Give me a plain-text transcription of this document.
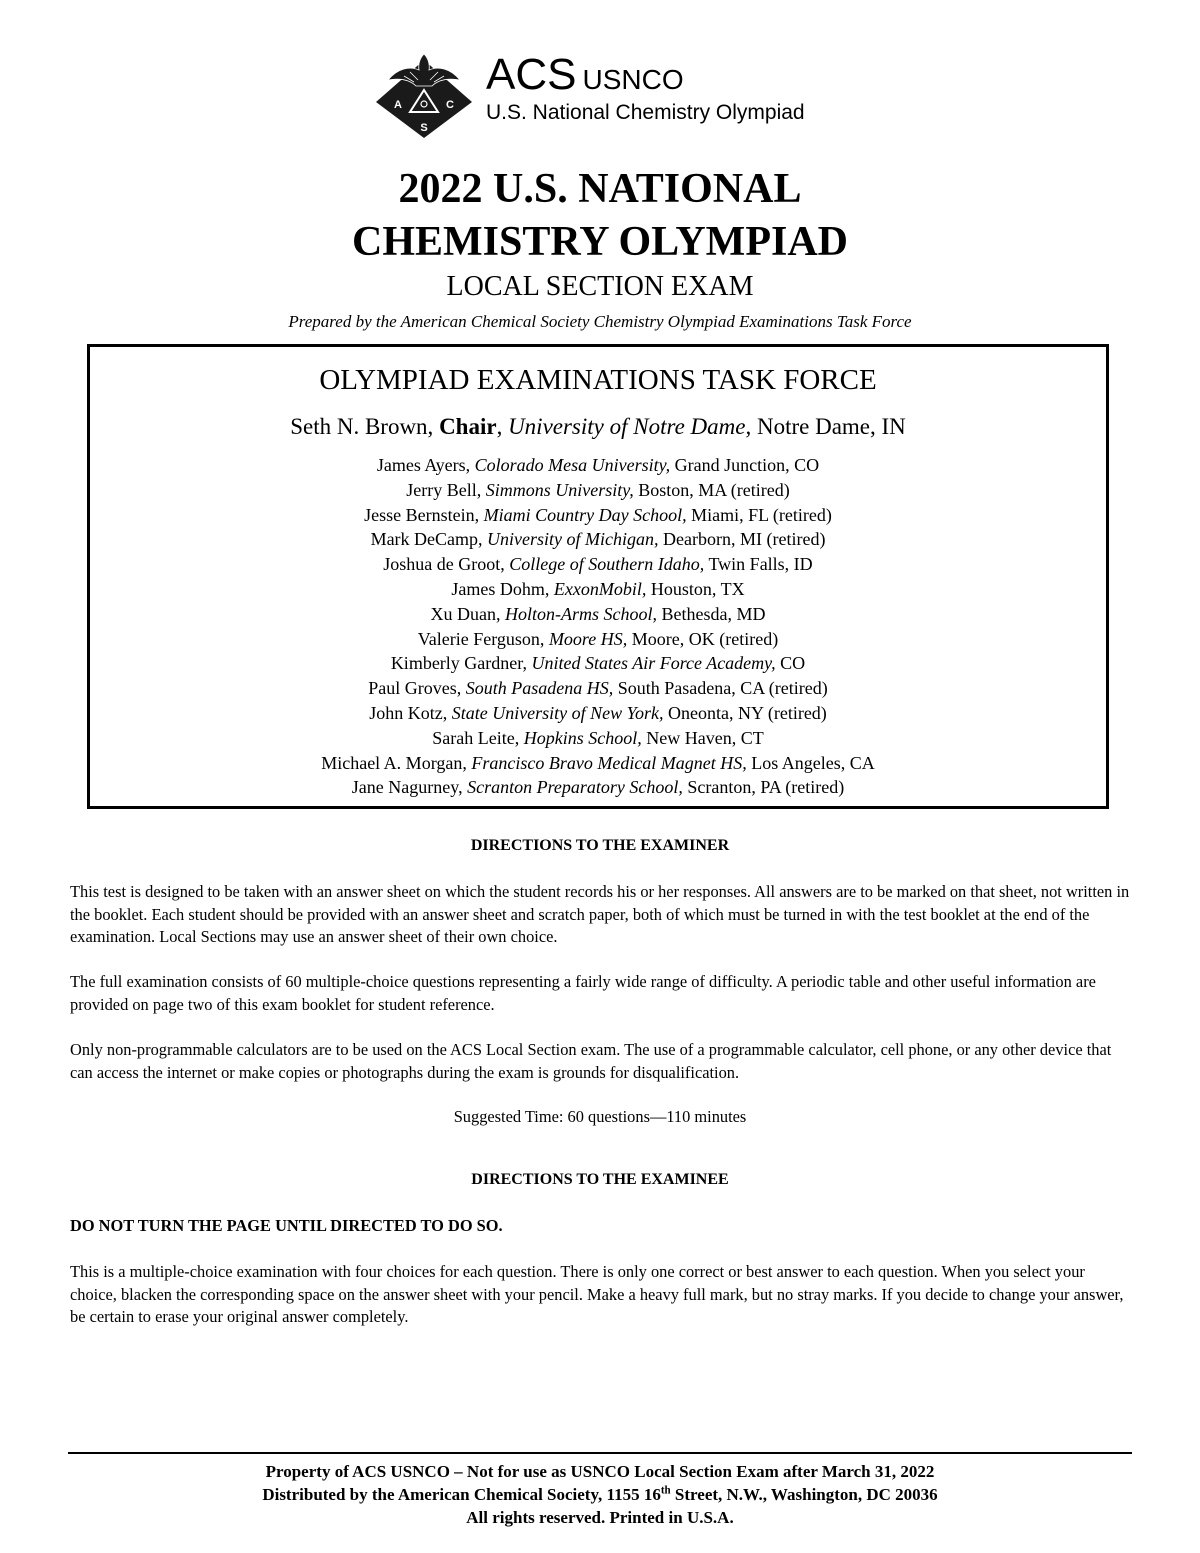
A	C
S
ACS USNCO
U.S. National Chemistry Olympiad
2022 U.S. NATIONAL
CHEMISTRY OLYMPIAD
LOCAL SECTION EXAM
Prepared by the American Chemical Society Chemistry Olympiad Examinations Task Force
OLYMPIAD EXAMINATIONS TASK FORCE
Seth N. Brown, Chair, University of Notre Dame, Notre Dame, IN
James Ayers, Colorado Mesa University, Grand Junction, CO
Jerry Bell, Simmons University, Boston, MA (retired)
Jesse Bernstein, Miami Country Day School, Miami, FL (retired)
Mark DeCamp, University of Michigan, Dearborn, MI (retired)
Joshua de Groot, College of Southern Idaho, Twin Falls, ID
James Dohm, ExxonMobil, Houston, TX
Xu Duan, Holton-Arms School, Bethesda, MD
Valerie Ferguson, Moore HS, Moore, OK (retired)
Kimberly Gardner, United States Air Force Academy, CO
Paul Groves, South Pasadena HS, South Pasadena, CA (retired)
John Kotz, State University of New York, Oneonta, NY (retired)
Sarah Leite, Hopkins School, New Haven, CT
Michael A. Morgan, Francisco Bravo Medical Magnet HS, Los Angeles, CA
Jane Nagurney, Scranton Preparatory School, Scranton, PA (retired)
DIRECTIONS TO THE EXAMINER
This test is designed to be taken with an answer sheet on which the student records his or her responses. All answers are to be marked on that sheet, not written in the booklet. Each student should be provided with an answer sheet and scratch paper, both of which must be turned in with the test booklet at the end of the examination. Local Sections may use an answer sheet of their own choice.
The full examination consists of 60 multiple-choice questions representing a fairly wide range of difficulty. A periodic table and other useful information are provided on page two of this exam booklet for student reference.
Only non-programmable calculators are to be used on the ACS Local Section exam. The use of a programmable calculator, cell phone, or any other device that can access the internet or make copies or photographs during the exam is grounds for disqualification.
Suggested Time: 60 questions—110 minutes
DIRECTIONS TO THE EXAMINEE
DO NOT TURN THE PAGE UNTIL DIRECTED TO DO SO.
This is a multiple-choice examination with four choices for each question. There is only one correct or best answer to each question. When you select your choice, blacken the corresponding space on the answer sheet with your pencil. Make a heavy full mark, but no stray marks. If you decide to change your answer, be certain to erase your original answer completely.
Property of ACS USNCO – Not for use as USNCO Local Section Exam after March 31, 2022
Distributed by the American Chemical Society, 1155 16th Street, N.W., Washington, DC 20036
All rights reserved. Printed in U.S.A.
